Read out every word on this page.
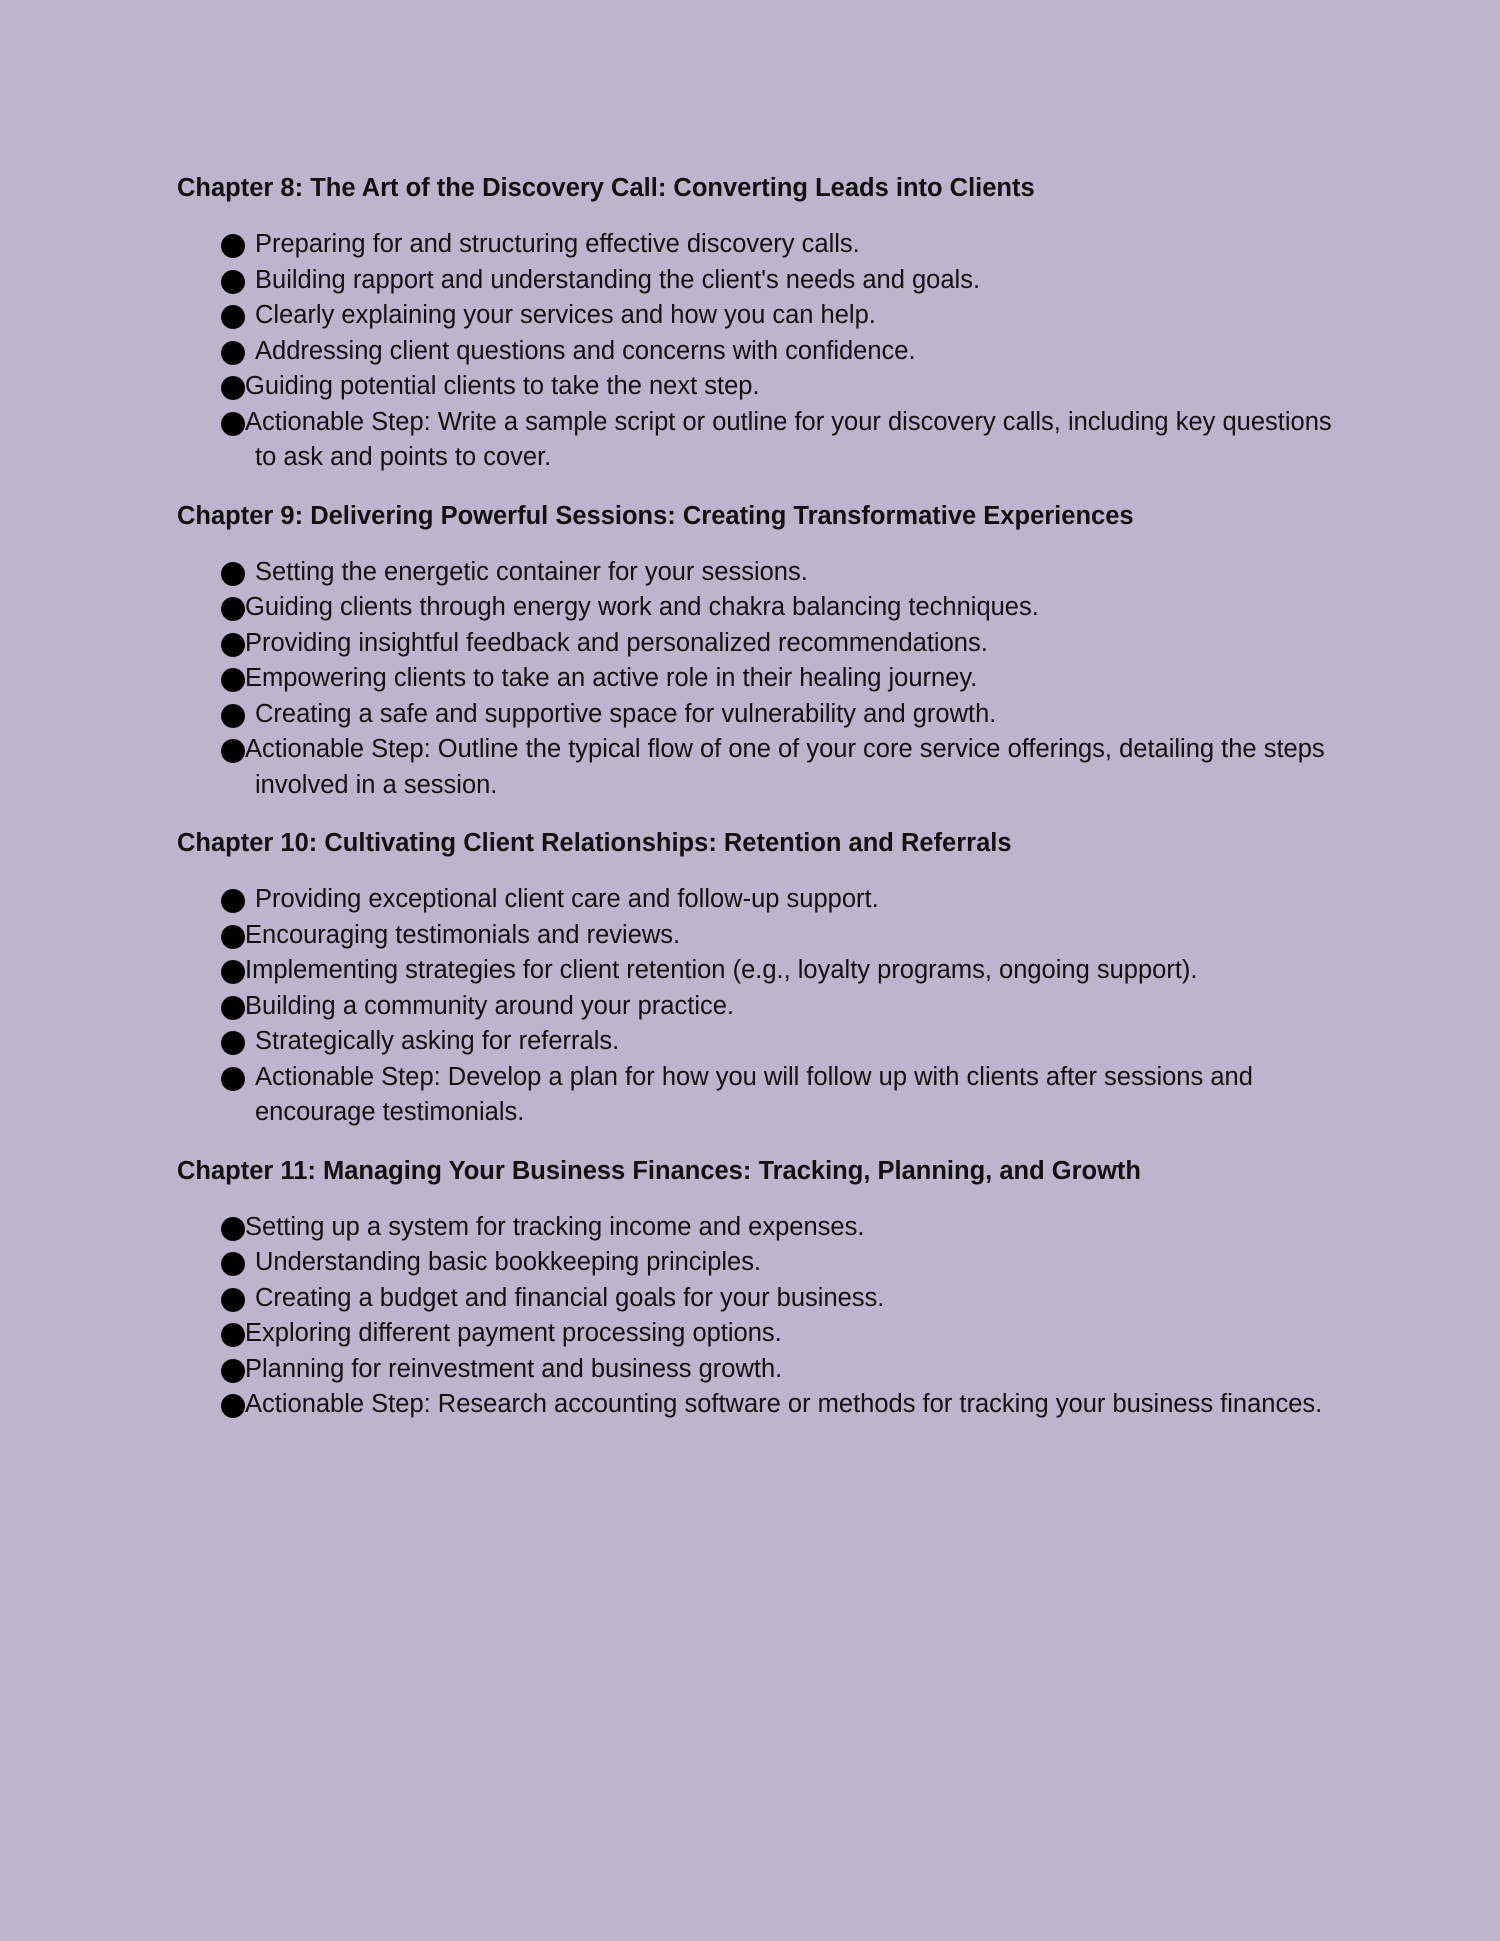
Chapter 8: The Art of the Discovery Call: Converting Leads into Clients
Preparing for and structuring effective discovery calls.
Building rapport and understanding the client's needs and goals.
Clearly explaining your services and how you can help.
Addressing client questions and concerns with confidence.
Guiding potential clients to take the next step.
Actionable Step: Write a sample script or outline for your discovery calls, including key questions to ask and points to cover.
Chapter 9: Delivering Powerful Sessions: Creating Transformative Experiences
Setting the energetic container for your sessions.
Guiding clients through energy work and chakra balancing techniques.
Providing insightful feedback and personalized recommendations.
Empowering clients to take an active role in their healing journey.
Creating a safe and supportive space for vulnerability and growth.
Actionable Step: Outline the typical flow of one of your core service offerings, detailing the steps involved in a session.
Chapter 10: Cultivating Client Relationships: Retention and Referrals
Providing exceptional client care and follow-up support.
Encouraging testimonials and reviews.
Implementing strategies for client retention (e.g., loyalty programs, ongoing support).
Building a community around your practice.
Strategically asking for referrals.
Actionable Step: Develop a plan for how you will follow up with clients after sessions and encourage testimonials.
Chapter 11: Managing Your Business Finances: Tracking, Planning, and Growth
Setting up a system for tracking income and expenses.
Understanding basic bookkeeping principles.
Creating a budget and financial goals for your business.
Exploring different payment processing options.
Planning for reinvestment and business growth.
Actionable Step: Research accounting software or methods for tracking your business finances.
